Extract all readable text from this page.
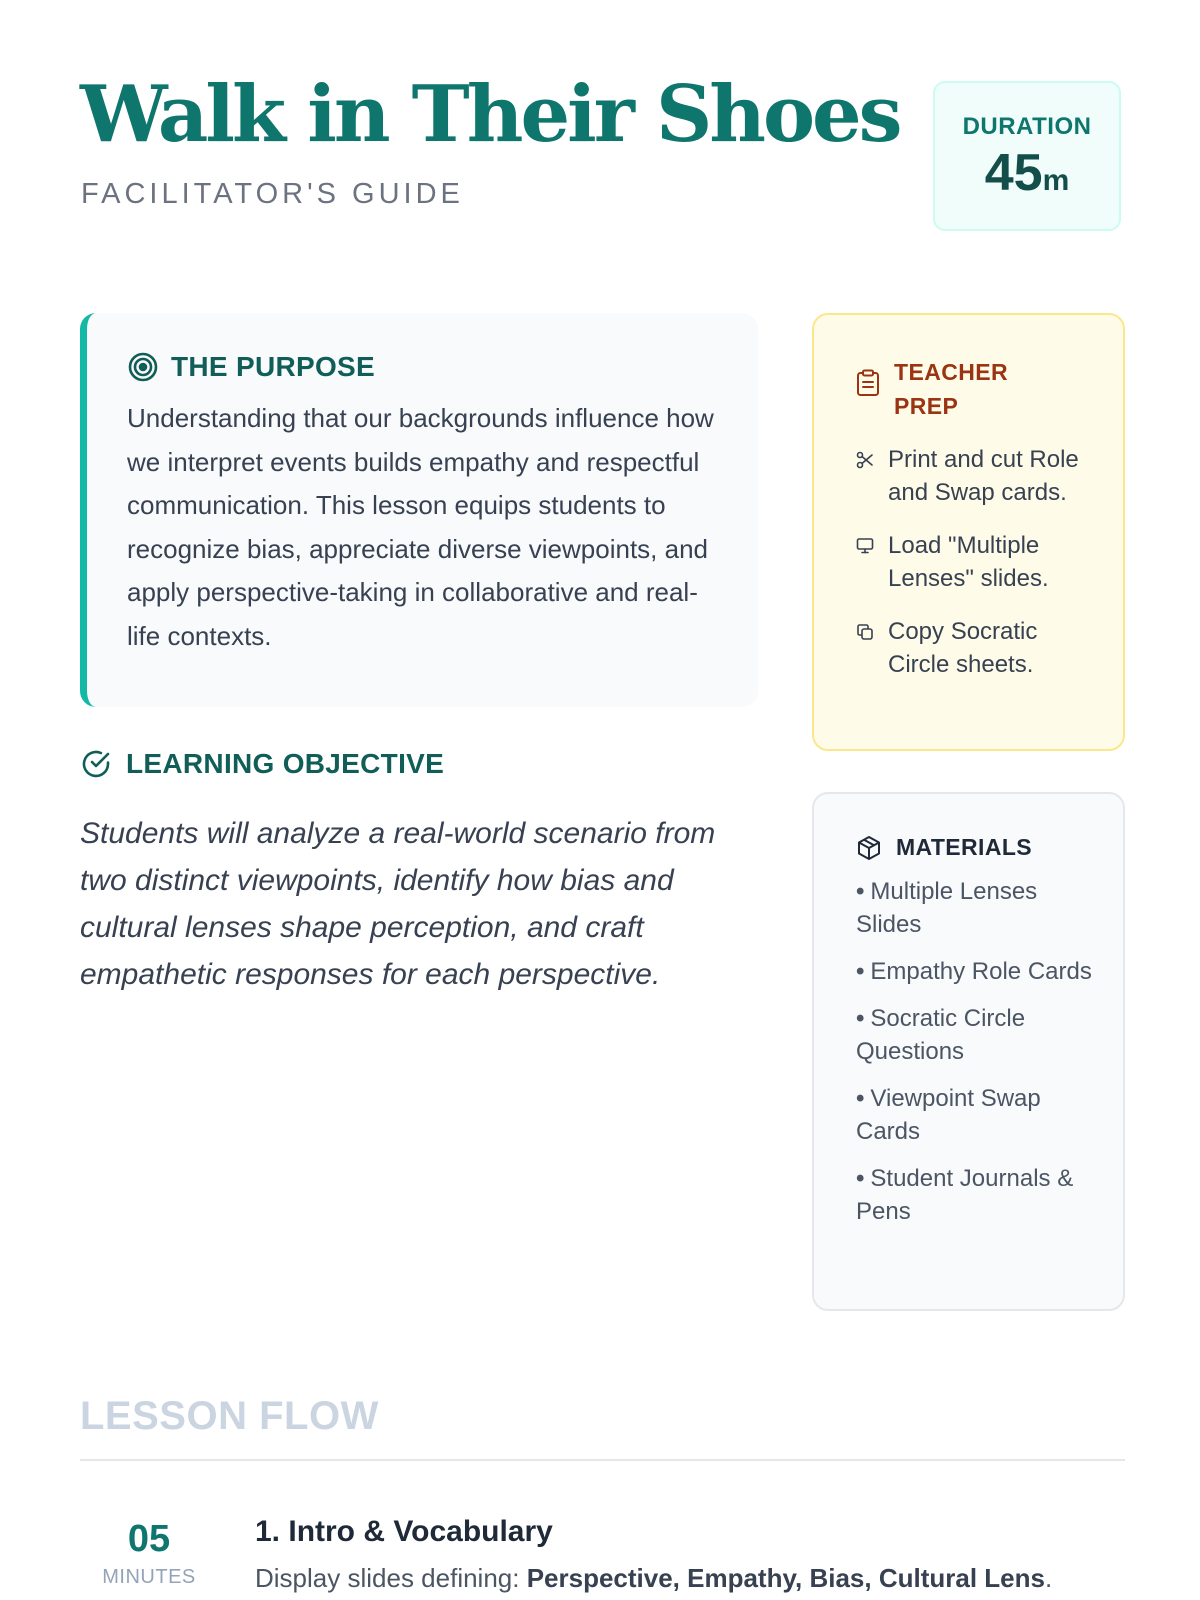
Walk in Their Shoes
FACILITATOR'S GUIDE
DURATION
45m
THE PURPOSE

Understanding that our backgrounds influence how we interpret events builds empathy and respectful communication. This lesson equips students to recognize bias, appreciate diverse viewpoints, and apply perspective-taking in collaborative and real-life contexts.

LEARNING OBJECTIVE

Students will analyze a real-world scenario from two distinct viewpoints, identify how bias and cultural lenses shape perception, and craft empathetic responses for each perspective.

TEACHER PREP
Print and cut Role and Swap cards.
Load "Multiple Lenses" slides.
Copy Socratic Circle sheets.
MATERIALS
• Multiple Lenses Slides
• Empathy Role Cards
• Socratic Circle Questions
• Viewpoint Swap Cards
• Student Journals & Pens
LESSON FLOW
05
MINUTES
1. Intro & Vocabulary

Display slides defining: Perspective, Empathy, Bias, Cultural Lens.
